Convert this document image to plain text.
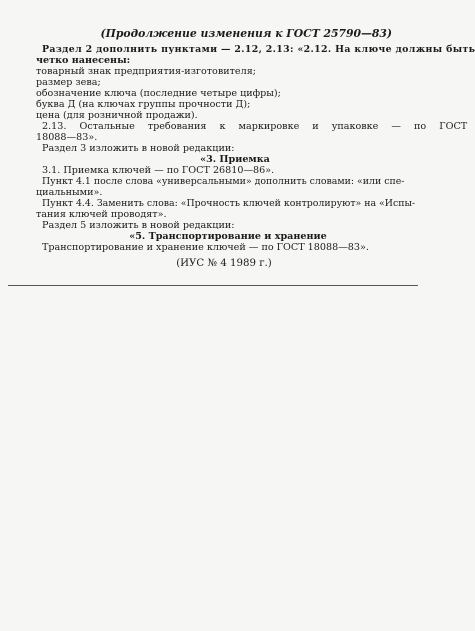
(Продолжение изменения к ГОСТ 25790—83)
Раздел 2 дополнить пунктами — 2.12, 2.13: «2.12. На ключе должны быть
четко нанесены:
товарный знак предприятия-изготовителя;
размер зева;
обозначение ключа (последние четыре цифры);
буква Д (на ключах группы прочности Д);
цена (для розничной продажи).
2.13. Остальные требования к маркировке и упаковке — по ГОСТ
18088—83».
Раздел 3 изложить в новой редакции:
«3. Приемка
3.1. Приемка ключей — по ГОСТ 26810—86».
Пункт 4.1 после слова «универсальными» дополнить словами: «или спе-
циальными».
Пункт 4.4. Заменить слова: «Прочность ключей контролируют» на «Испы-
тания ключей проводят».
Раздел 5 изложить в новой редакции:
«5. Транспортирование и хранение
Транспортирование и хранение ключей — по ГОСТ 18088—83».
(ИУС № 4 1989 г.)
